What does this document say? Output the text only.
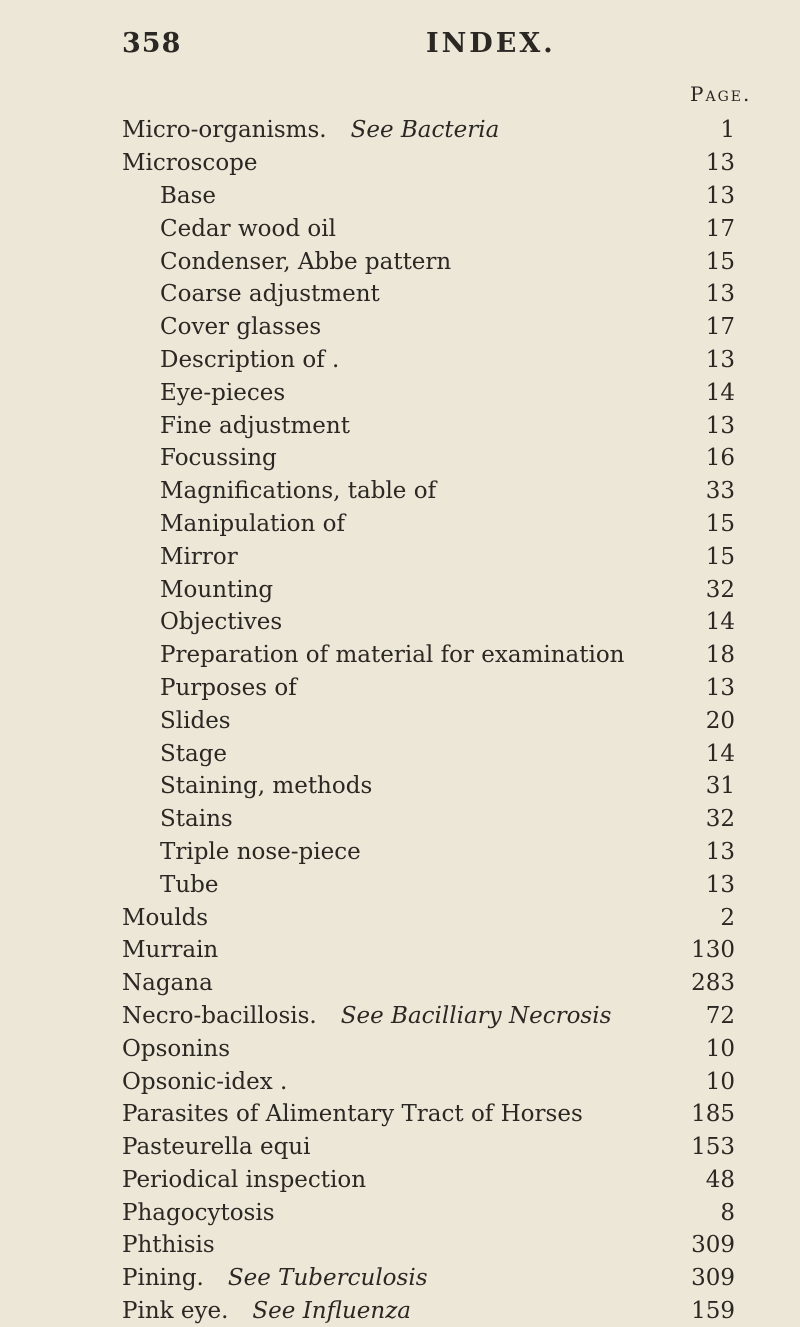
358	INDEX.
Page.
Micro-organisms. See Bacteria	1
Microscope	13
Base	13
Cedar wood oil	17
Condenser, Abbe pattern	15
Coarse adjustment	13
Cover glasses	17
Description of .	13
Eye-pieces	14
Fine adjustment	13
Focussing	16
Magnifications, table of	33
Manipulation of	15
Mirror	15
Mounting	32
Objectives	14
Preparation of material for examination	18
Purposes of	13
Slides	20
Stage	14
Staining, methods	31
Stains	32
Triple nose-piece	13
Tube	13
Moulds	2
Murrain	130
Nagana	283
Necro-bacillosis. See Bacilliary Necrosis	72
Opsonins	10
Opsonic-idex .	10
Parasites of Alimentary Tract of Horses	185
Pasteurella equi	153
Periodical inspection	48
Phagocytosis	8
Phthisis	309
Pining. See Tuberculosis	309
Pink eye. See Influenza	159
